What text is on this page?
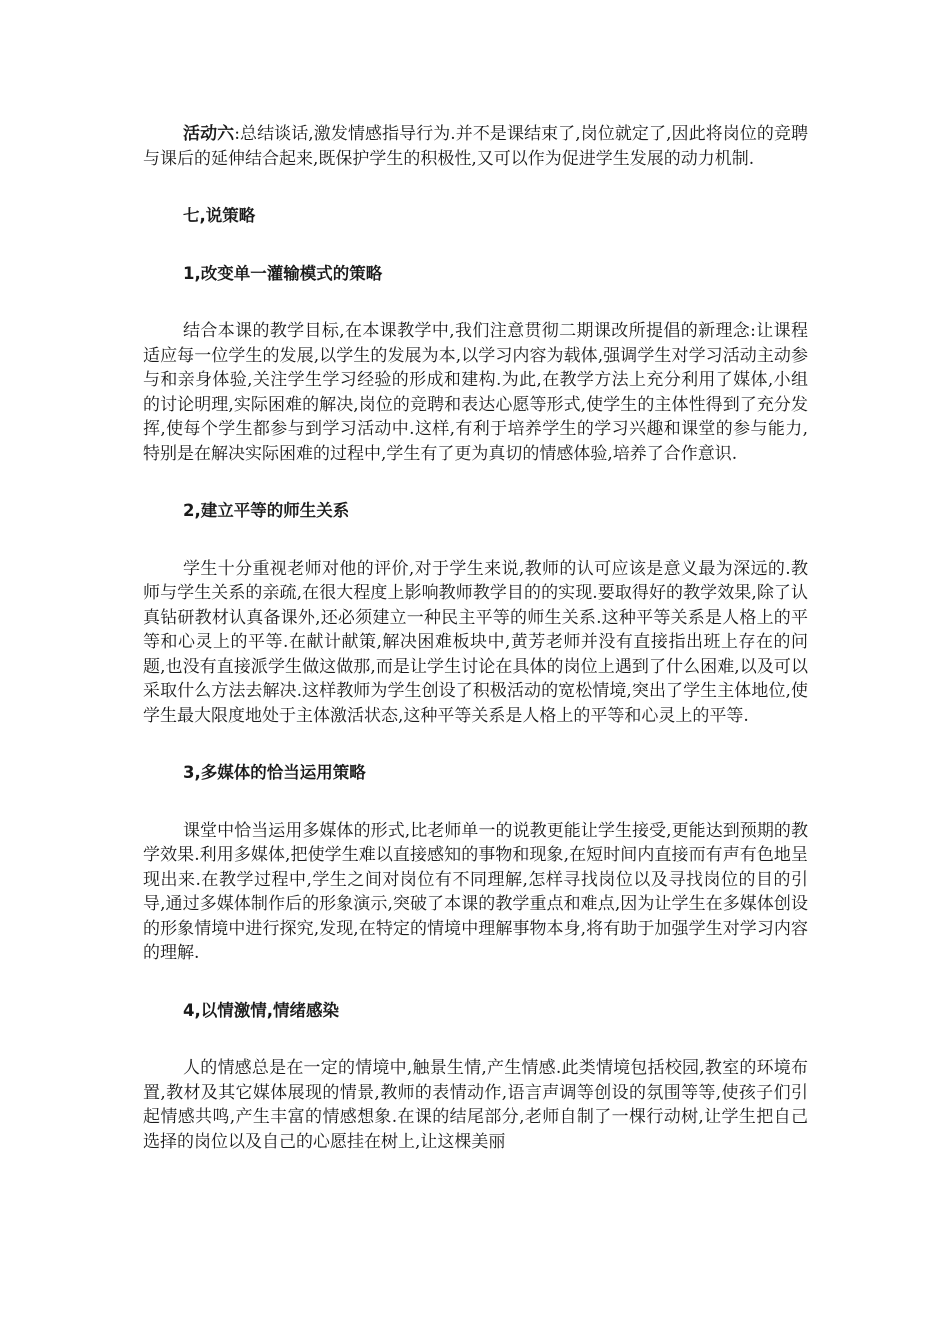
活动六:总结谈话,激发情感指导行为.并不是课结束了,岗位就定了,因此将岗位的竞聘与课后的延伸结合起来,既保护学生的积极性,又可以作为促进学生发展的动力机制.

七,说策略

1,改变单一灌输模式的策略

结合本课的教学目标,在本课教学中,我们注意贯彻二期课改所提倡的新理念:让课程适应每一位学生的发展,以学生的发展为本,以学习内容为载体,强调学生对学习活动主动参与和亲身体验,关注学生学习经验的形成和建构.为此,在教学方法上充分利用了媒体,小组的讨论明理,实际困难的解决,岗位的竞聘和表达心愿等形式,使学生的主体性得到了充分发挥,使每个学生都参与到学习活动中.这样,有利于培养学生的学习兴趣和课堂的参与能力,特别是在解决实际困难的过程中,学生有了更为真切的情感体验,培养了合作意识.

2,建立平等的师生关系

学生十分重视老师对他的评价,对于学生来说,教师的认可应该是意义最为深远的.教师与学生关系的亲疏,在很大程度上影响教师教学目的的实现.要取得好的教学效果,除了认真钻研教材认真备课外,还必须建立一种民主平等的师生关系.这种平等关系是人格上的平等和心灵上的平等.在献计献策,解决困难板块中,黄芳老师并没有直接指出班上存在的问题,也没有直接派学生做这做那,而是让学生讨论在具体的岗位上遇到了什么困难,以及可以采取什么方法去解决.这样教师为学生创设了积极活动的宽松情境,突出了学生主体地位,使学生最大限度地处于主体激活状态,这种平等关系是人格上的平等和心灵上的平等.

3,多媒体的恰当运用策略

课堂中恰当运用多媒体的形式,比老师单一的说教更能让学生接受,更能达到预期的教学效果.利用多媒体,把使学生难以直接感知的事物和现象,在短时间内直接而有声有色地呈现出来.在教学过程中,学生之间对岗位有不同理解,怎样寻找岗位以及寻找岗位的目的引导,通过多媒体制作后的形象演示,突破了本课的教学重点和难点,因为让学生在多媒体创设的形象情境中进行探究,发现,在特定的情境中理解事物本身,将有助于加强学生对学习内容的理解.

4,以情激情,情绪感染

人的情感总是在一定的情境中,触景生情,产生情感.此类情境包括校园,教室的环境布置,教材及其它媒体展现的情景,教师的表情动作,语言声调等创设的氛围等等,使孩子们引起情感共鸣,产生丰富的情感想象.在课的结尾部分,老师自制了一棵行动树,让学生把自己选择的岗位以及自己的心愿挂在树上,让这棵美丽
